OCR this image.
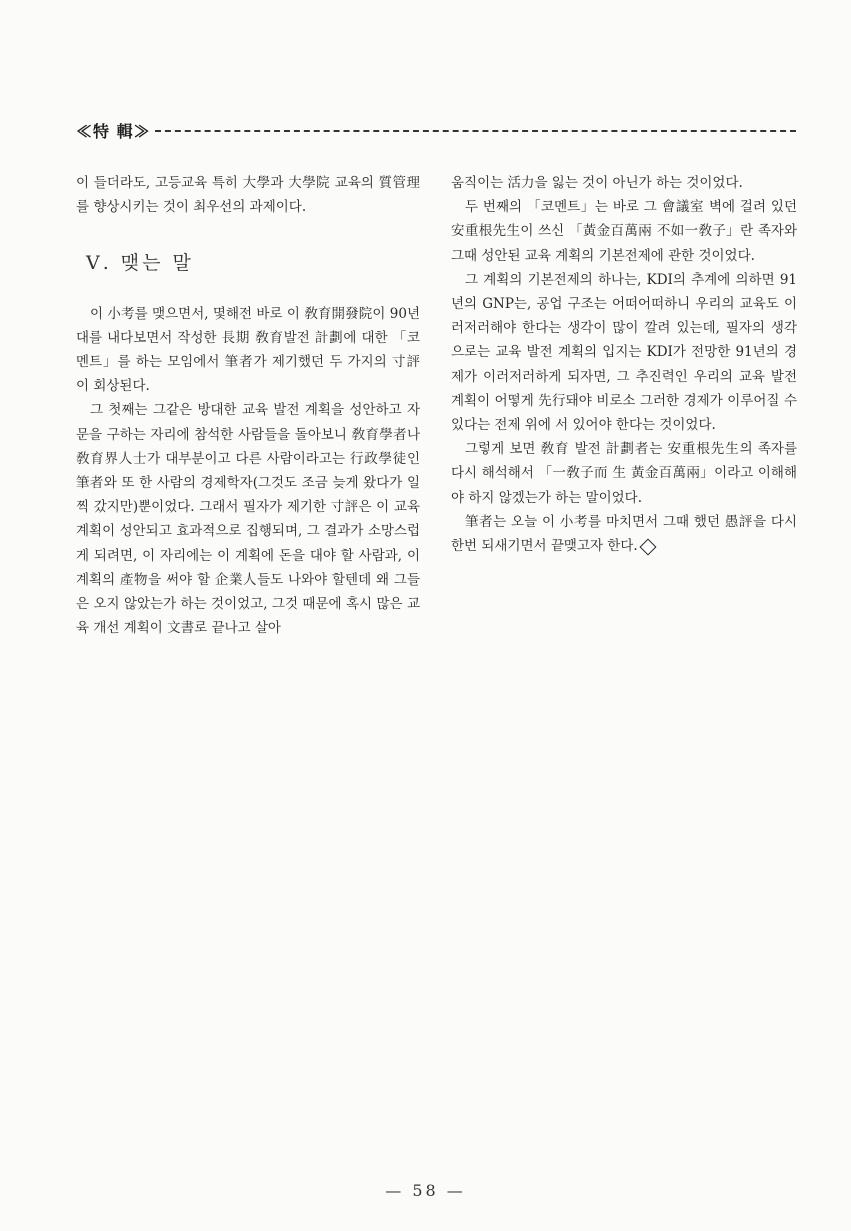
≪特 輯≫

이 들더라도, 고등교육 특히 大學과 大學院 교육의 質管理를 향상시키는 것이 최우선의 과제이다.

Ⅴ. 맺는 말

이 小考를 맺으면서, 몇해전 바로 이 敎育開發院이 90년대를 내다보면서 작성한 長期 敎育발전 計劃에 대한 「코멘트」를 하는 모임에서 筆者가 제기했던 두 가지의 寸評이 회상된다.

그 첫째는 그같은 방대한 교육 발전 계획을 성안하고 자문을 구하는 자리에 참석한 사람들을 돌아보니 敎育學者나 敎育界人士가 대부분이고 다른 사람이라고는 行政學徒인 筆者와 또 한 사람의 경제학자(그것도 조금 늦게 왔다가 일찍 갔지만)뿐이었다. 그래서 필자가 제기한 寸評은 이 교육 계획이 성안되고 효과적으로 집행되며, 그 결과가 소망스럽게 되려면, 이 자리에는 이 계획에 돈을 대야 할 사람과, 이 계획의 產物을 써야 할 企業人들도 나와야 할텐데 왜 그들은 오지 않았는가 하는 것이었고, 그것 때문에 혹시 많은 교육 개선 계획이 文書로 끝나고 살아

움직이는 活力을 잃는 것이 아닌가 하는 것이었다.

두 번째의 「코멘트」는 바로 그 會議室 벽에 걸려 있던 安重根先生이 쓰신 「黃金百萬兩 不如一敎子」란 족자와 그때 성안된 교육 계획의 기본전제에 관한 것이었다.

그 계획의 기본전제의 하나는, KDI의 추계에 의하면 91년의 GNP는, 공업 구조는 어떠어떠하니 우리의 교육도 이러저러해야 한다는 생각이 많이 깔려 있는데, 필자의 생각으로는 교육 발전 계획의 입지는 KDI가 전망한 91년의 경제가 이러저러하게 되자면, 그 추진력인 우리의 교육 발전 계획이 어떻게 先行돼야 비로소 그러한 경제가 이루어질 수 있다는 전제 위에 서 있어야 한다는 것이었다.

그렇게 보면 敎育 발전 計劃者는 安重根先生의 족자를 다시 해석해서 「一敎子而 生 黃金百萬兩」이라고 이해해야 하지 않겠는가 하는 말이었다.

筆者는 오늘 이 小考를 마치면서 그때 했던 愚評을 다시 한번 되새기면서 끝맺고자 한다.

— 58 —
